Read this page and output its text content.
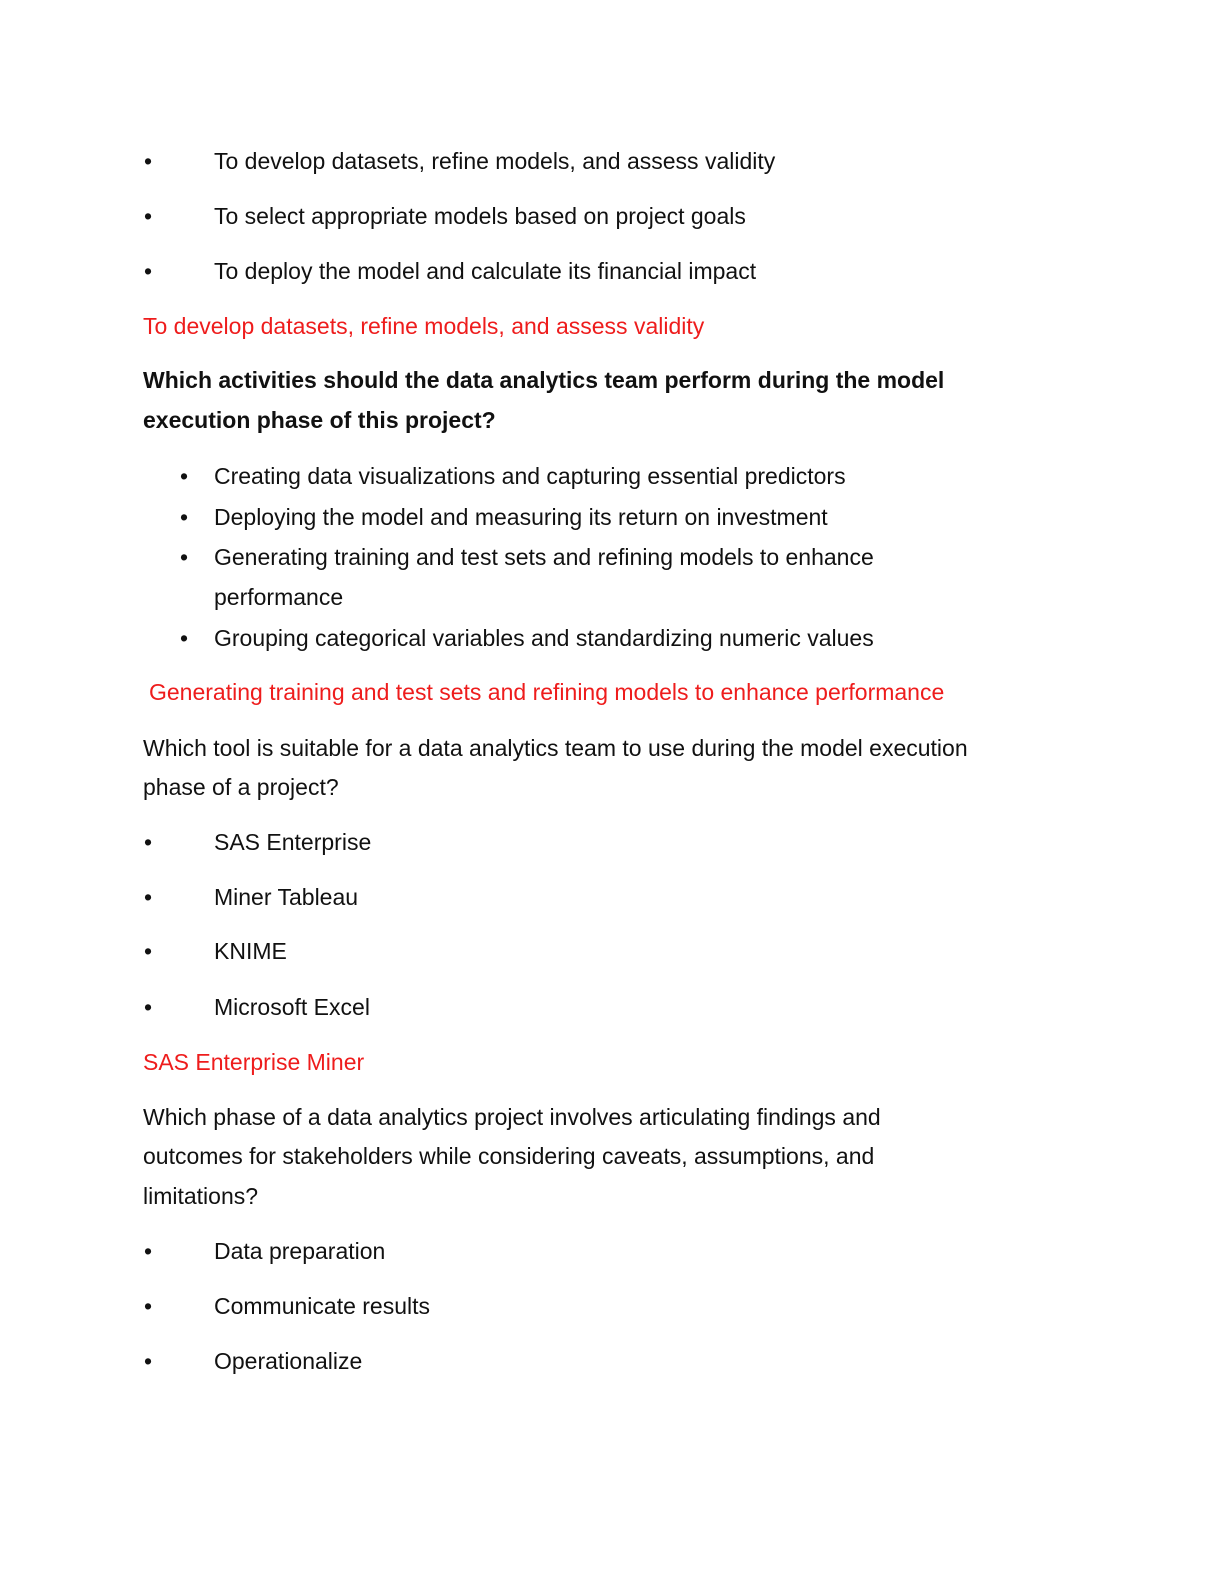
•	To develop datasets, refine models, and assess validity
•	To select appropriate models based on project goals
•	To deploy the model and calculate its financial impact
To develop datasets, refine models, and assess validity
Which activities should the data analytics team perform during the model
execution phase of this project?
• Creating data visualizations and capturing essential predictors
• Deploying the model and measuring its return on investment
• Generating training and test sets and refining models to enhance
performance
• Grouping categorical variables and standardizing numeric values
Generating training and test sets and refining models to enhance performance
Which tool is suitable for a data analytics team to use during the model execution
phase of a project?
•	SAS Enterprise
•	Miner Tableau
•	KNIME
•	Microsoft Excel
SAS Enterprise Miner
Which phase of a data analytics project involves articulating findings and
outcomes for stakeholders while considering caveats, assumptions, and
limitations?
•	Data preparation
•	Communicate results
•	Operationalize
